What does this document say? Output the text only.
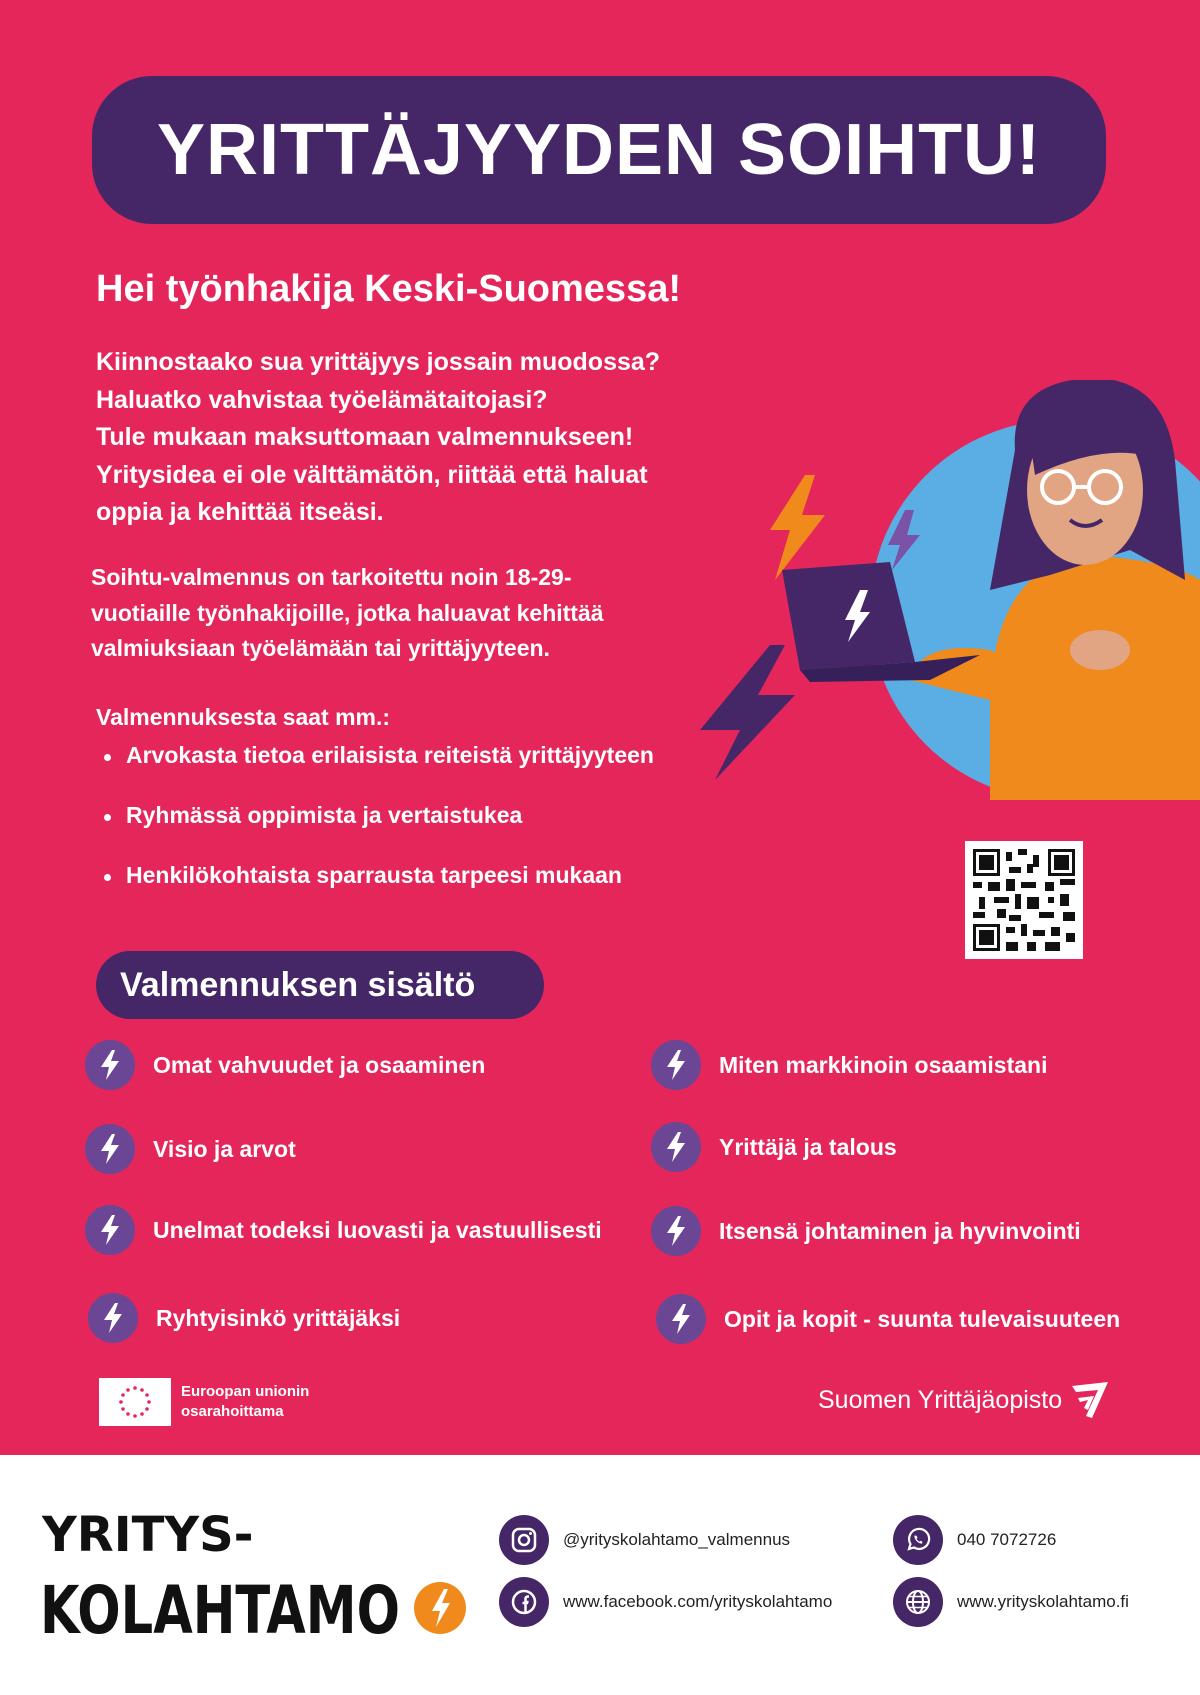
YRITTÄJYYDEN SOIHTU!
Hei työnhakija Keski-Suomessa!
Kiinnostaako sua yrittäjyys jossain muodossa?
Haluatko vahvistaa työelämätaitojasi?
Tule mukaan maksuttomaan valmennukseen!
Yritysidea ei ole välttämätön, riittää että haluat
oppia ja kehittää itseäsi.
Soihtu-valmennus on tarkoitettu noin 18-29-
vuotiaille työnhakijoille, jotka haluavat kehittää
valmiuksiaan työelämään tai yrittäjyyteen.
Valmennuksesta saat mm.:
Arvokasta tietoa erilaisista reiteistä yrittäjyyteen
Ryhmässä oppimista ja vertaistukea
Henkilökohtaista sparrausta tarpeesi mukaan
Valmennuksen sisältö
Omat vahvuudet ja osaaminen
Visio ja arvot
Unelmat todeksi luovasti ja vastuullisesti
Ryhtyisinkö yrittäjäksi
Miten markkinoin osaamistani
Yrittäjä ja talous
Itsensä johtaminen ja hyvinvointi
Opit ja kopit - suunta tulevaisuuteen
Euroopan unionin
osarahoittama	Suomen Yrittäjäopisto
YRITYS-
KOLAHTAMO
@yrityskolahtamo_valmennus
www.facebook.com/yrityskolahtamo
040 7072726
www.yrityskolahtamo.fi
